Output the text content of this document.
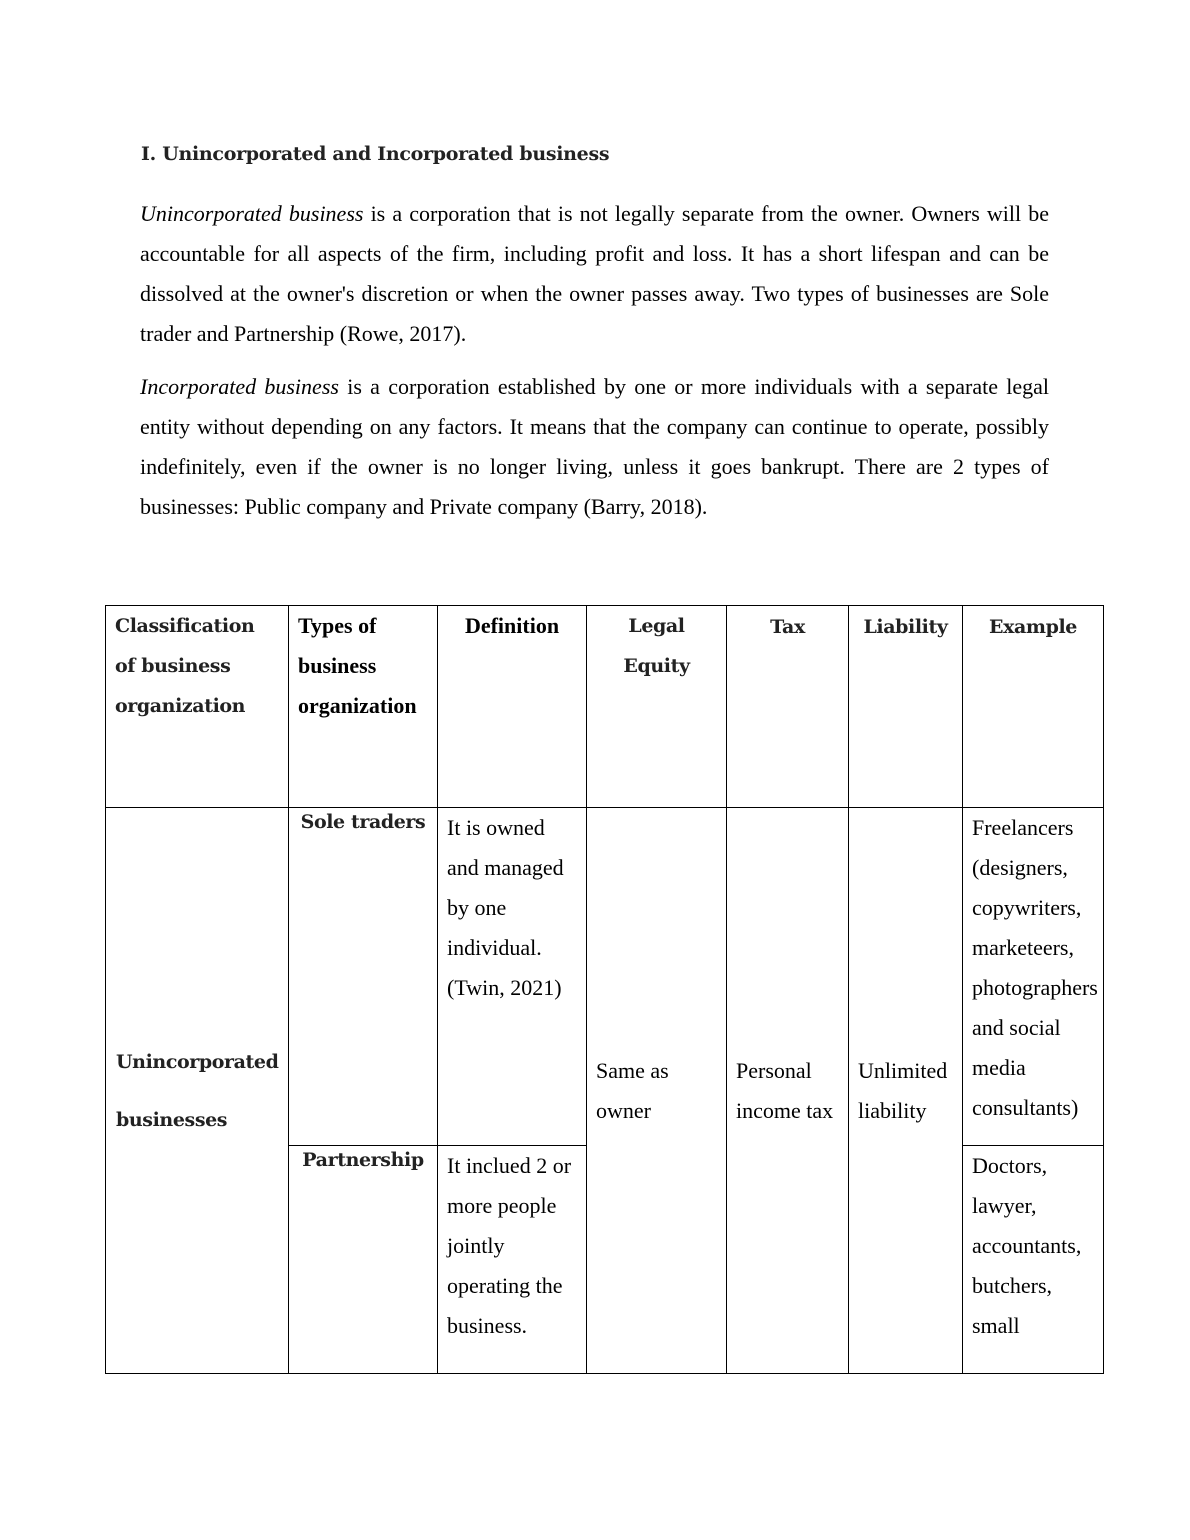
I. Unincorporated and Incorporated business

Unincorporated business is a corporation that is not legally separate from the owner. Owners will be accountable for all aspects of the firm, including profit and loss. It has a short lifespan and can be dissolved at the owner's discretion or when the owner passes away. Two types of businesses are Sole trader and Partnership (Rowe, 2017).

Incorporated business is a corporation established by one or more individuals with a separate legal entity without depending on any factors. It means that the company can continue to operate, possibly indefinitely, even if the owner is no longer living, unless it goes bankrupt. There are 2 types of businesses: Public company and Private company (Barry, 2018).

Classification of business organization	Types of business organization	Definition	Legal Equity	Tax	Liability	Example

Unincorporated businesses	Sole traders	It is owned and managed by one individual. (Twin, 2021)	Same as owner	Personal income tax	Unlimited liability	Freelancers (designers, copywriters, marketeers, photographers and social media consultants)

	Partnership	It inclued 2 or more people jointly operating the business.				Doctors, lawyer, accountants, butchers, small
